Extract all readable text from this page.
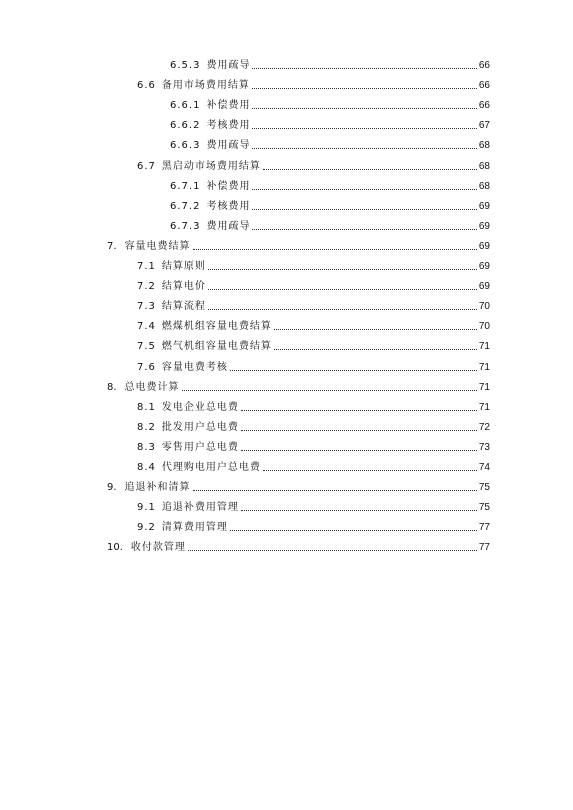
6.5.3 费用疏导	66
6.6 备用市场费用结算	66
6.6.1 补偿费用	66
6.6.2 考核费用	67
6.6.3 费用疏导	68
6.7 黑启动市场费用结算	68
6.7.1 补偿费用	68
6.7.2 考核费用	69
6.7.3 费用疏导	69
7. 容量电费结算	69
7.1 结算原则	69
7.2 结算电价	69
7.3 结算流程	70
7.4 燃煤机组容量电费结算	70
7.5 燃气机组容量电费结算	71
7.6 容量电费考核	71
8. 总电费计算	71
8.1 发电企业总电费	71
8.2 批发用户总电费	72
8.3 零售用户总电费	73
8.4 代理购电用户总电费	74
9. 追退补和清算	75
9.1 追退补费用管理	75
9.2 清算费用管理	77
10. 收付款管理	77
